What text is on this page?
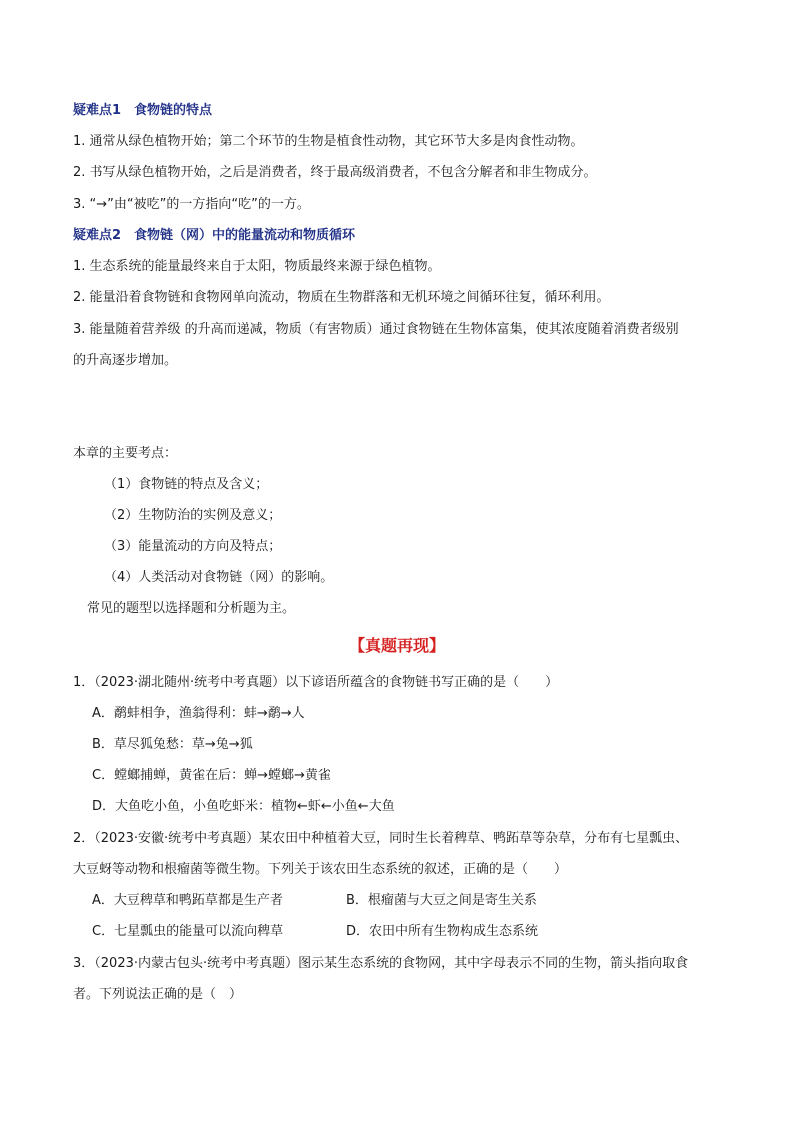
疑难点1　食物链的特点
1. 通常从绿色植物开始；第二个环节的生物是植食性动物，其它环节大多是肉食性动物。
2. 书写从绿色植物开始，之后是消费者，终于最高级消费者，不包含分解者和非生物成分。
3. “→”由“被吃”的一方指向“吃”的一方。
疑难点2　食物链（网）中的能量流动和物质循环
1. 生态系统的能量最终来自于太阳，物质最终来源于绿色植物。
2. 能量沿着食物链和食物网单向流动，物质在生物群落和无机环境之间循环往复，循环利用。
3. 能量随着营养级 的升高而递减，物质（有害物质）通过食物链在生物体富集，使其浓度随着消费者级别
的升高逐步增加。
本章的主要考点：
（1）食物链的特点及含义；
（2）生物防治的实例及意义；
（3）能量流动的方向及特点；
（4）人类活动对食物链（网）的影响。
常见的题型以选择题和分析题为主。
【真题再现】
1．（2023·湖北随州·统考中考真题）以下谚语所蕴含的食物链书写正确的是（　　）
A．鹬蚌相争，渔翁得利：蚌→鹬→人
B．草尽狐兔愁：草→兔→狐
C．螳螂捕蝉，黄雀在后：蝉→螳螂→黄雀
D．大鱼吃小鱼，小鱼吃虾米：植物←虾←小鱼←大鱼
2．（2023·安徽·统考中考真题）某农田中种植着大豆，同时生长着稗草、鸭跖草等杂草，分布有七星瓢虫、
大豆蚜等动物和根瘤菌等微生物。下列关于该农田生态系统的叙述，正确的是（　　）
A．大豆稗草和鸭跖草都是生产者	B．根瘤菌与大豆之间是寄生关系
C．七星瓢虫的能量可以流向稗草	D．农田中所有生物构成生态系统
3．（2023·内蒙古包头·统考中考真题）图示某生态系统的食物网，其中字母表示不同的生物，箭头指向取食
者。下列说法正确的是（　）
